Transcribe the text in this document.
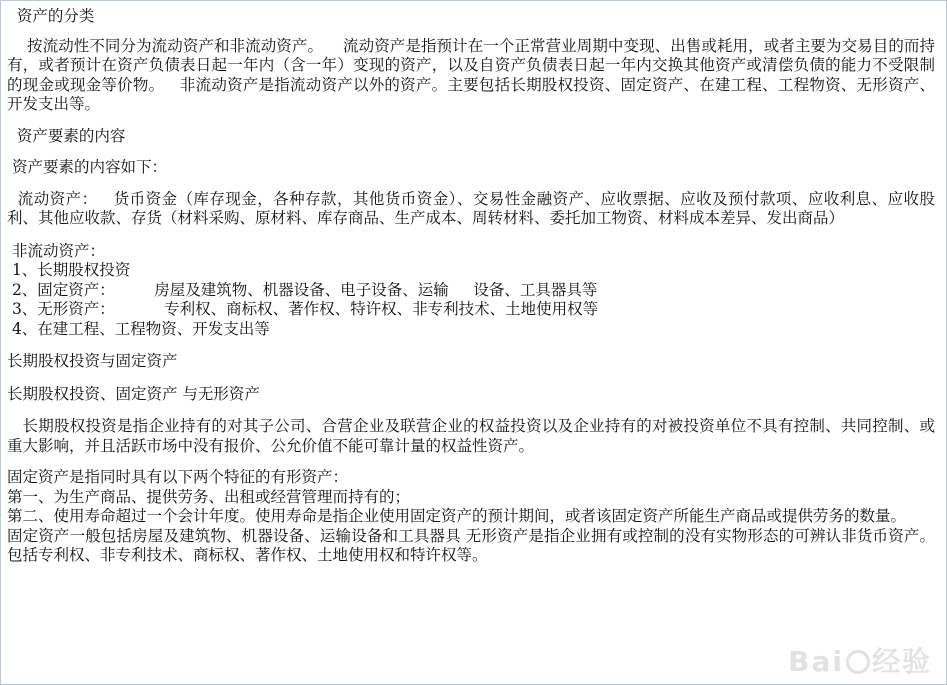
资产的分类

按流动性不同分为流动资产和非流动资产。    流动资产是指预计在一个正常营业周期中变现、出售或耗用，或者主要为交易目的而持有，或者预计在资产负债表日起一年内（含一年）变现的资产，以及自资产负债表日起一年内交换其他资产或清偿负债的能力不受限制的现金或现金等价物。   非流动资产是指流动资产以外的资产。主要包括长期股权投资、固定资产、在建工程、工程物资、无形资产、开发支出等。

资产要素的内容

资产要素的内容如下：

流动资产：   货币资金（库存现金，各种存款，其他货币资金）、交易性金融资产、应收票据、应收及预付款项、应收利息、应收股利、其他应收款、存货（材料采购、原材料、库存商品、生产成本、周转材料、委托加工物资、材料成本差异、发出商品）

非流动资产：

1、长期股权投资

2、固定资产：        房屋及建筑物、机器设备、电子设备、运输     设备、工具器具等

3、无形资产：          专利权、商标权、著作权、特许权、非专利技术、土地使用权等

4、在建工程、工程物资、开发支出等

长期股权投资与固定资产

长期股权投资、固定资产 与无形资产

长期股权投资是指企业持有的对其子公司、合营企业及联营企业的权益投资以及企业持有的对被投资单位不具有控制、共同控制、或重大影响，并且活跃市场中没有报价、公允价值不能可靠计量的权益性资产。

固定资产是指同时具有以下两个特征的有形资产：

第一、为生产商品、提供劳务、出租或经营管理而持有的；

第二、使用寿命超过一个会计年度。使用寿命是指企业使用固定资产的预计期间，或者该固定资产所能生产商品或提供劳务的数量。

固定资产一般包括房屋及建筑物、机器设备、运输设备和工具器具 无形资产是指企业拥有或控制的没有实物形态的可辨认非货币资产。包括专利权、非专利技术、商标权、著作权、土地使用权和特许权等。

Bai 经验
